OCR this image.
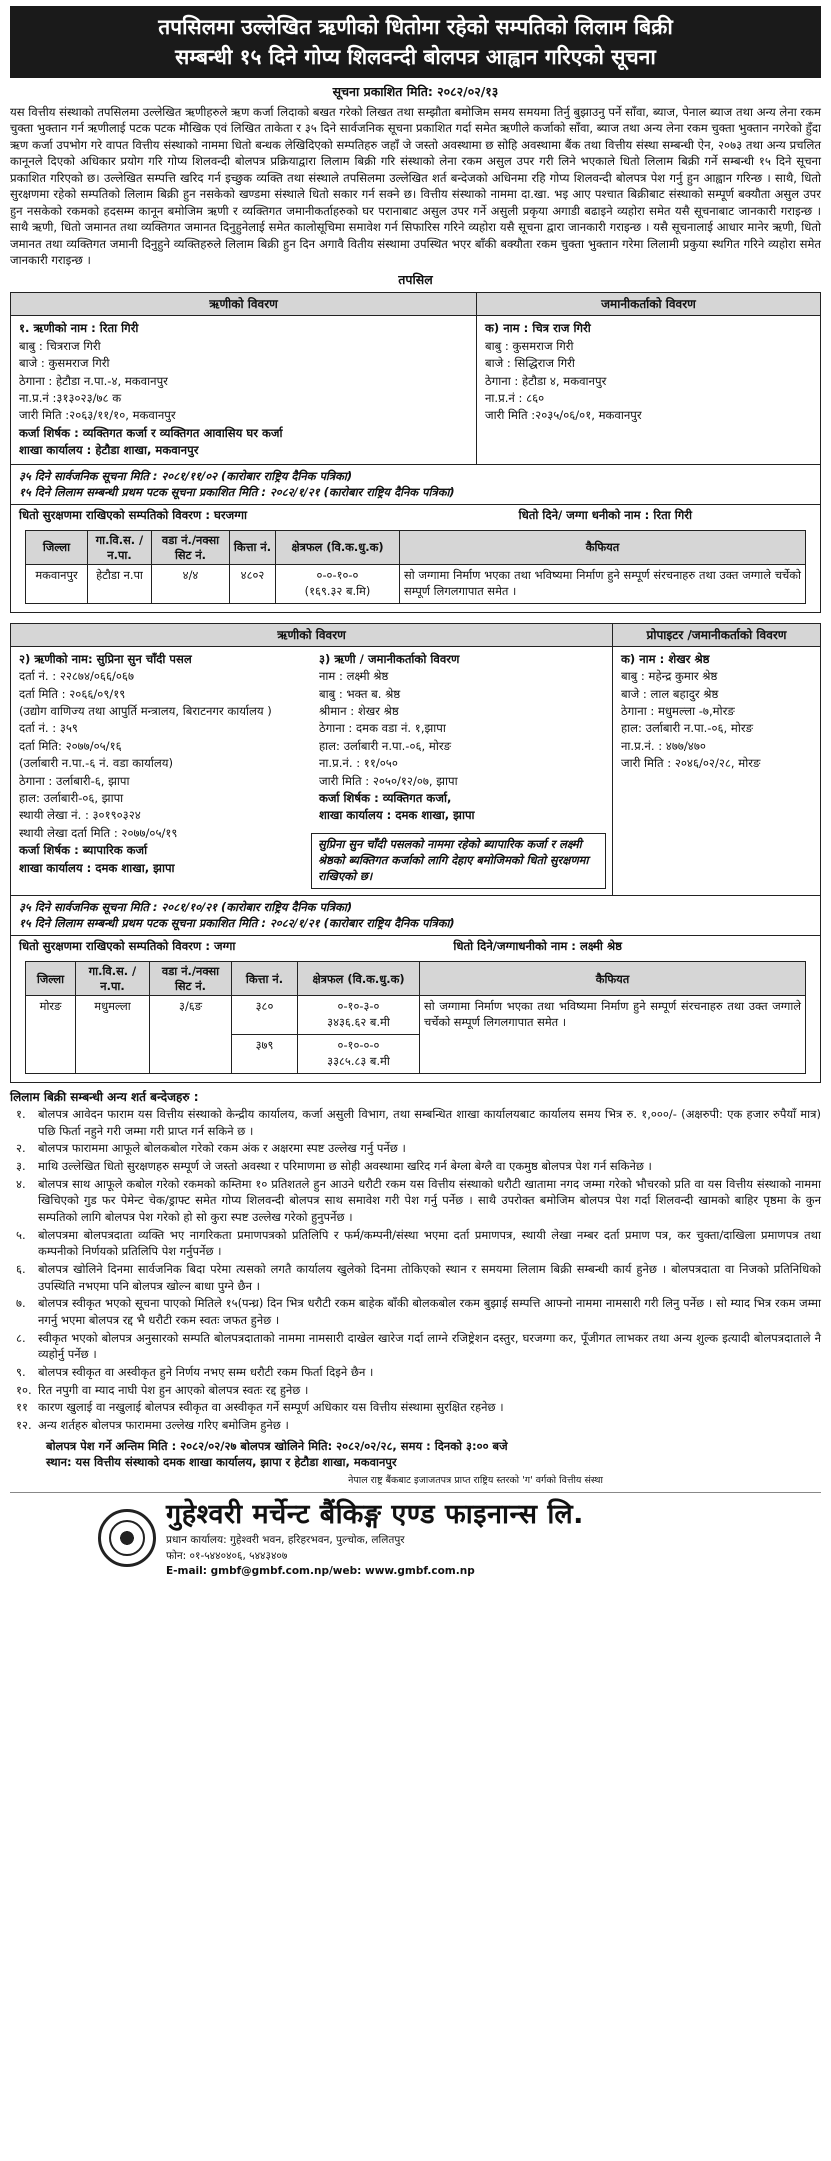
तपसिलमा उल्लेखित ऋणीको धितोमा रहेको सम्पतिको लिलाम बिक्री
सम्बन्धी १५ दिने गोप्य शिलवन्दी बोलपत्र आह्वान गरिएको सूचना
सूचना प्रकाशित मिति: २०८२/०२/१३

यस वित्तीय संस्थाको तपसिलमा उल्लेखित ऋणीहरुले ऋण कर्जा लिदाको बखत गरेको लिखत तथा सम्झौता बमोजिम समय समयमा तिर्नु बुझाउनु पर्ने साँवा, ब्याज, पेनाल ब्याज तथा अन्य लेना रकम चुक्ता भुक्तान गर्न ऋणीलाई पटक पटक मौखिक एवं लिखित ताकेता र ३५ दिने सार्वजनिक सूचना प्रकाशित गर्दा समेत ऋणीले कर्जाको साँवा, ब्याज तथा अन्य लेना रकम चुक्ता भुक्तान नगरेको हुँदा ऋण कर्जा उपभोग गरे वापत वित्तीय संस्थाको नाममा धितो बन्धक लेखिदिएको सम्पतिहरु जहाँ जे जस्तो अवस्थामा छ सोहि अवस्थामा बैंक तथा वित्तीय संस्था सम्बन्धी ऐन, २०७३ तथा अन्य प्रचलित कानूनले दिएको अधिकार प्रयोग गरि गोप्य शिलवन्दी बोलपत्र प्रक्रियाद्वारा लिलाम बिक्री गरि संस्थाको लेना रकम असुल उपर गरी लिने भएकाले धितो लिलाम बिक्री गर्ने सम्बन्धी १५ दिने सूचना प्रकाशित गरिएको छ। उल्लेखित सम्पत्ति खरिद गर्न इच्छुक व्यक्ति तथा संस्थाले तपसिलमा उल्लेखित शर्त बन्देजको अधिनमा रहि गोप्य शिलवन्दी बोलपत्र पेश गर्नु हुन आह्वान गरिन्छ । साथै, धितो सुरक्षणमा रहेको सम्पतिको लिलाम बिक्री हुन नसकेको खण्डमा संस्थाले धितो सकार गर्न सक्ने छ। वित्तीय संस्थाको नाममा दा.खा. भइ आए पश्चात बिक्रीबाट संस्थाको सम्पूर्ण बक्यौता असुल उपर हुन नसकेको रकमको हदसम्म कानून बमोजिम ऋणी र व्यक्तिगत जमानीकर्ताहरुको घर परानाबाट असुल उपर गर्ने असुली प्रकृया अगाडी बढाइने व्यहोरा समेत यसै सूचनाबाट जानकारी गराइन्छ । साथै ऋणी, धितो जमानत तथा व्यक्तिगत जमानत दिनुहुनेलाई समेत कालोसूचिमा समावेश गर्न सिफारिस गरिने व्यहोरा यसै सूचना द्वारा जानकारी गराइन्छ । यसै सूचनालाई आधार मानेर ऋणी, धितो जमानत तथा व्यक्तिगत जमानी दिनुहुने व्यक्तिहरुले लिलाम बिक्री हुन दिन अगावै वितीय संस्थामा उपस्थित भएर बाँकी बक्यौता रकम चुक्ता भुक्तान गरेमा लिलामी प्रकुया स्थगित गरिने व्यहोरा समेत जानकारी गराइन्छ ।

तपसिल
ऋणीको विवरण
१. ऋणीको नाम : रिता गिरी
बाबु : चित्रराज गिरी
बाजे : कुसमराज गिरी
ठेगाना : हेटौडा न.पा.-४, मकवानपुर
ना.प्र.नं :३१३०२३/७८ क
जारी मिति :२०६३/११/१०, मकवानपुर
कर्जा शिर्षक : व्यक्तिगत कर्जा र व्यक्तिगत आवासिय घर कर्जा
शाखा कार्यालय : हेटौडा शाखा, मकवानपुर
जमानीकर्ताको विवरण
क) नाम : चित्र राज गिरी
बाबु : कुसमराज गिरी
बाजे : सिद्धिराज गिरी
ठेगाना : हेटौडा ४, मकवानपुर
ना.प्र.नं : ८६०
जारी मिति :२०३५/०६/०१, मकवानपुर
३५ दिने सार्वजनिक सूचना मिति : २०८१/११/०२ (कारोबार राष्ट्रिय दैनिक पत्रिका)
१५ दिने लिलाम सम्बन्धी प्रथम पटक सूचना प्रकाशित मिति : २०८२/१/२१ (कारोबार राष्ट्रिय दैनिक पत्रिका)
धितो सुरक्षणमा राखिएको सम्पतिको विवरण : घरजग्गा	धितो दिने/ जग्गा धनीको नाम : रिता गिरी
जिल्ला	गा.वि.स. /न.पा.	वडा नं./नक्सा सिट नं.	कित्ता नं.	क्षेत्रफल (वि.क.धु.क)	कैफियत
मकवानपुर	हेटौडा न.पा	४/४	४८०२	०-०-१०-०
(१६९.३२ ब.मि)	सो जग्गामा निर्माण भएका तथा भविष्यमा निर्माण हुने सम्पूर्ण संरचनाहरु तथा उक्त जग्गाले चर्चेको सम्पूर्ण लिगलगापात समेत ।
ऋणीको विवरण
२) ऋणीको नाम: सुप्रिना सुन चाँदी पसल
दर्ता नं. : २२८७४/०६६/०६७
दर्ता मिति : २०६६/०९/१९
(उद्योग वाणिज्य तथा आपुर्ति मन्त्रालय, बिराटनगर कार्यालय )
दर्ता नं. : ३५९
दर्ता मिति: २०७७/०५/१६
(उर्लाबारी न.पा.-६ नं. वडा कार्यालय)
ठेगाना : उर्लाबारी-६, झापा
हाल: उर्लाबारी-०६, झापा
स्थायी लेखा नं. : ३०१९०३२४
स्थायी लेखा दर्ता मिति : २०७७/०५/१९
कर्जा शिर्षक : ब्यापारिक कर्जा
शाखा कार्यालय : दमक शाखा, झापा
३) ऋणी / जमानीकर्ताको विवरण
नाम : लक्ष्मी श्रेष्ठ
बाबु : भक्त ब. श्रेष्ठ
श्रीमान : शेखर श्रेष्ठ
ठेगाना : दमक वडा नं. १,झापा
हाल: उर्लाबारी न.पा.-०६, मोरङ
ना.प्र.नं. : ११/०५०
जारी मिति : २०५०/१२/०७, झापा
कर्जा शिर्षक : व्यक्तिगत कर्जा,
शाखा कार्यालय : दमक शाखा, झापा
सुप्रिना सुन चाँदी पसलको नाममा रहेको ब्यापारिक कर्जा र लक्ष्मी श्रेष्ठको ब्यक्तिगत कर्जाको लागि देहाए बमोजिमको धितो सुरक्षणमा राखिएको छ।
प्रोपाइटर /जमानीकर्ताको विवरण
क) नाम : शेखर श्रेष्ठ
बाबु : महेन्द्र कुमार श्रेष्ठ
बाजे : लाल बहादुर श्रेष्ठ
ठेगाना : मधुमल्ला -७,मोरङ
हाल: उर्लाबारी न.पा.-०६, मोरङ
ना.प्र.नं. : ४७७/४७०
जारी मिति : २०४६/०२/२८, मोरङ
३५ दिने सार्वजनिक सूचना मिति : २०८१/१०/२१ (कारोबार राष्ट्रिय दैनिक पत्रिका)
१५ दिने लिलाम सम्बन्धी प्रथम पटक सूचना प्रकाशित मिति : २०८२/१/२१ (कारोबार राष्ट्रिय दैनिक पत्रिका)
धितो सुरक्षणमा राखिएको सम्पतिको विवरण : जग्गा	धितो दिने/जग्गाधनीको नाम : लक्ष्मी श्रेष्ठ
जिल्ला	गा.वि.स. /न.पा.	वडा नं./नक्सा सिट नं.	कित्ता नं.	क्षेत्रफल (वि.क.धु.क)	कैफियत
मोरङ	मधुमल्ला	३/६ङ	३८०	०-१०-३-०
३४३६.६२ ब.मी	सो जग्गामा निर्माण भएका तथा भविष्यमा निर्माण हुने सम्पूर्ण संरचनाहरु तथा उक्त जग्गाले चर्चेको सम्पूर्ण लिगलगापात समेत ।
			३७९	०-१०-०-०
३३८५.८३ ब.मी	
लिलाम बिक्री सम्बन्धी अन्य शर्त बन्देजहरु :
१.	बोलपत्र आवेदन फाराम यस वित्तीय संस्थाको केन्द्रीय कार्यालय, कर्जा असुली विभाग, तथा सम्बन्धित शाखा कार्यालयबाट कार्यालय समय भित्र रु. १,०००/- (अक्षरुपी: एक हजार रुपैयाँ मात्र) पछि फिर्ता नहुने गरी जम्मा गरी प्राप्त गर्न सकिने छ ।
२.	बोलपत्र फाराममा आफूले बोलकबोल गरेको रकम अंक र अक्षरमा स्पष्ट उल्लेख गर्नु पर्नेछ ।
३.	माथि उल्लेखित धितो सुरक्षणहरु सम्पूर्ण जे जस्तो अवस्था र परिमाणमा छ सोही अवस्थामा खरिद गर्न बेग्ला बेग्लै वा एकमुष्ठ बोलपत्र पेश गर्न सकिनेछ ।
४.	बोलपत्र साथ आफूले कबोल गरेको रकमको कम्तिमा १० प्रतिशतले हुन आउने धरौटी रकम यस वित्तीय संस्थाको धरौटी खातामा नगद जम्मा गरेको भौचरको प्रति वा यस वित्तीय संस्थाको नाममा खिचिएको गुड फर पेमेन्ट चेक/ड्राफ्ट समेत गोप्य शिलवन्दी बोलपत्र साथ समावेश गरी पेश गर्नु पर्नेछ । साथै उपरोक्त बमोजिम बोलपत्र पेश गर्दा शिलवन्दी खामको बाहिर पृष्ठमा के कुन सम्पतिको लागि बोलपत्र पेश गरेको हो सो कुरा स्पष्ट उल्लेख गरेको हुनुपर्नेछ ।
५.	बोलपत्रमा बोलपत्रदाता व्यक्ति भए नागरिकता प्रमाणपत्रको प्रतिलिपि र फर्म/कम्पनी/संस्था भएमा दर्ता प्रमाणपत्र, स्थायी लेखा नम्बर दर्ता प्रमाण पत्र, कर चुक्ता/दाखिला प्रमाणपत्र तथा कम्पनीको निर्णयको प्रतिलिपि पेश गर्नुपर्नेछ ।
६.	बोलपत्र खोलिने दिनमा सार्वजनिक बिदा परेमा त्यसको लगतै कार्यालय खुलेको दिनमा तोकिएको स्थान र समयमा लिलाम बिक्री सम्बन्धी कार्य हुनेछ । बोलपत्रदाता वा निजको प्रतिनिधिको उपस्थिति नभएमा पनि बोलपत्र खोल्न बाधा पुग्ने छैन ।
७.	बोलपत्र स्वीकृत भएको सूचना पाएको मितिले १५(पन्ध्र) दिन भित्र धरौटी रकम बाहेक बाँकी बोलकबोल रकम बुझाई सम्पत्ति आफ्नो नाममा नामसारी गरी लिनु पर्नेछ । सो म्याद भित्र रकम जम्मा नगर्नु भएमा बोलपत्र रद्द भै धरौटी रकम स्वतः जफत हुनेछ ।
८.	स्वीकृत भएको बोलपत्र अनुसारको सम्पति बोलपत्रदाताको नाममा नामसारी दाखेल खारेज गर्दा लाग्ने रजिष्ट्रेशन दस्तुर, घरजग्गा कर, पूँजीगत लाभकर तथा अन्य शुल्क इत्यादी बोलपत्रदाताले नै व्यहोर्नु पर्नेछ ।
९.	बोलपत्र स्वीकृत वा अस्वीकृत हुने निर्णय नभए सम्म धरौटी रकम फिर्ता दिइने छैन ।
१०. रित नपुगी वा म्याद नाघी पेश हुन आएको बोलपत्र स्वतः रद्द हुनेछ ।
११ कारण खुलाई वा नखुलाई बोलपत्र स्वीकृत वा अस्वीकृत गर्ने सम्पूर्ण अधिकार यस वित्तीय संस्थामा सुरक्षित रहनेछ ।
१२. अन्य शर्तहरु बोलपत्र फाराममा उल्लेख गरिए बमोजिम हुनेछ ।
बोलपत्र पेश गर्ने अन्तिम मिति : २०८२/०२/२७ बोलपत्र खोलिने मिति: २०८२/०२/२८, समय : दिनको ३:०० बजे
स्थान: यस वित्तीय संस्थाको दमक शाखा कार्यालय, झापा र हेटौडा शाखा, मकवानपुर
नेपाल राष्ट्र बैंकबाट इजाजतपत्र प्राप्त राष्ट्रिय स्तरको 'ग' वर्गको वित्तीय संस्था
गुहेश्वरी मर्चेन्ट बैंकिङ्ग एण्ड फाइनान्स लि.
प्रधान कार्यालय: गुहेश्वरी भवन, हरिहरभवन, पुल्चोक, ललितपुर
फोन: ०१-५४४०४०६, ५४४३४०७
E-mail: gmbf@gmbf.com.np/web: www.gmbf.com.np
